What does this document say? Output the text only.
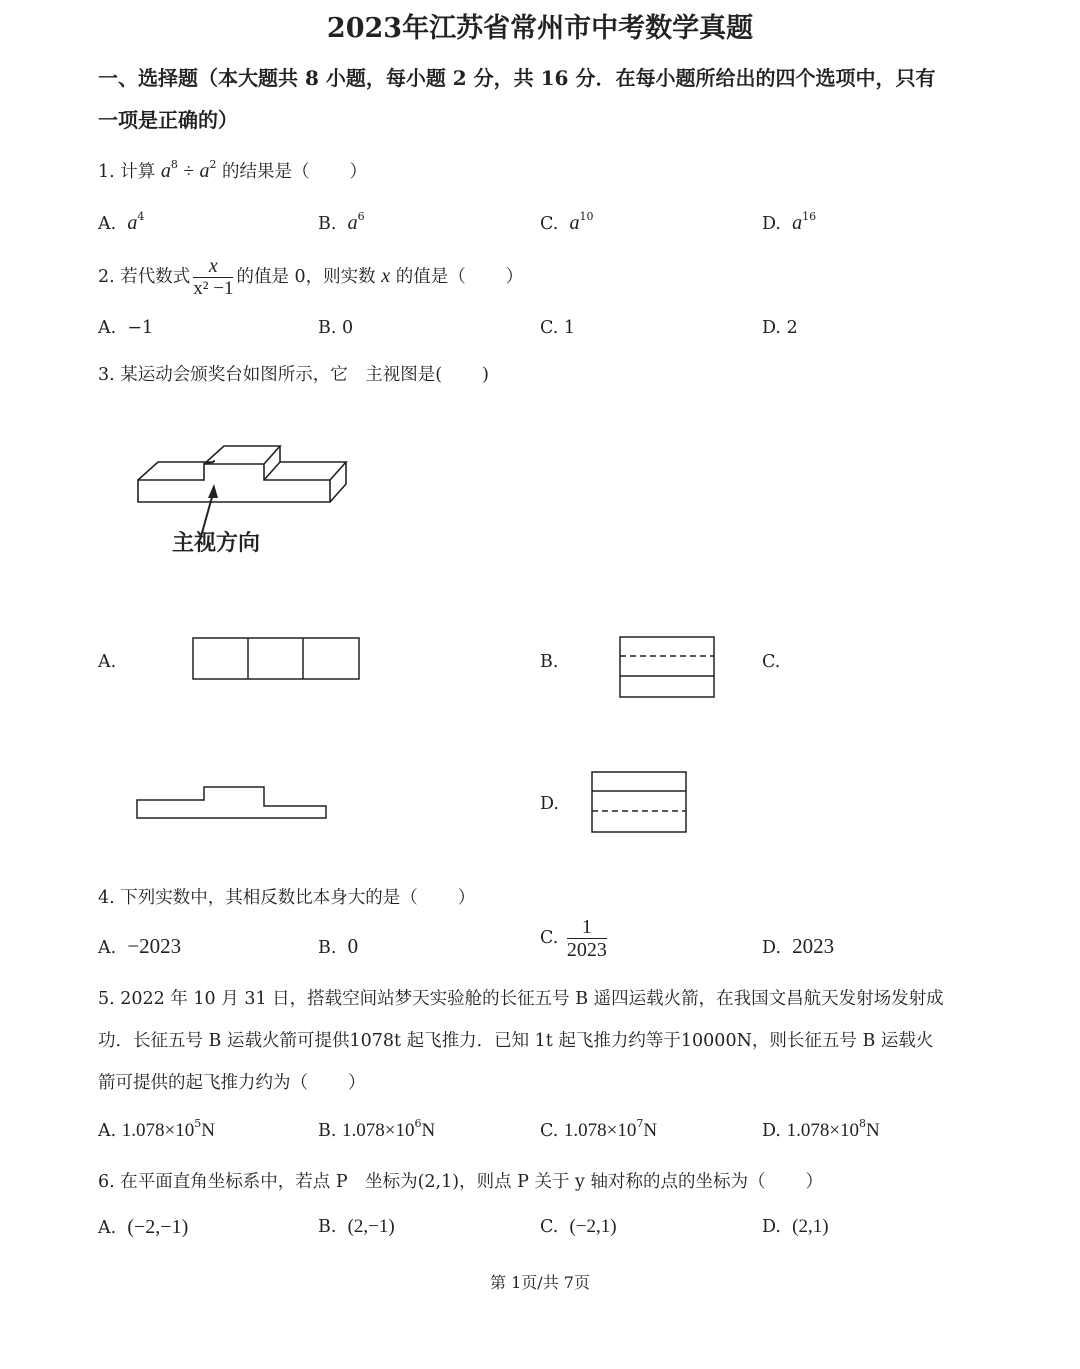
2023年江苏省常州市中考数学真题
一、选择题（本大题共 8 小题，每小题 2 分，共 16 分．在每小题所给出的四个选项中，只有
一项是正确的）
1. 计算 $a^8 \div a^2$ 的结果是（ ）
A. $a^4$	B. $a^6$	C. $a^{10}$	D. $a^{16}$
2. 若代数式 $\frac{x}{\text{x² −1}}$ 的值是 0，则实数 x 的值是（ ）
A. −1	B. 0	C. 1	D. 2
3. 某运动会颁奖台如图所示，它　主视图是( )
主视方向
A.	B.	C.
D.
4. 下列实数中，其相反数比本身大的是（ ）
A. −2023	B. 0	C. $\frac{1}{2023}$	D. 2023
5. 2022 年 10 月 31 日，搭载空间站梦天实验舱的长征五号 B 遥四运载火箭，在我国文昌航天发射场发射成
功．长征五号 B 运载火箭可提供1078t 起飞推力．已知 1t 起飞推力约等于10000N，则长征五号 B 运载火
箭可提供的起飞推力约为（ ）
A. $1.078\times 10^5N$	B. $1.078\times 10^6N$	C. $1.078\times 10^7N$	D. $1.078\times 10^8N$
6. 在平面直角坐标系中，若点 P　坐标为(2,1)，则点 P 关于 y 轴对称的点的坐标为（ ）
A. (−2,−1)	B. (2,−1)	C. (−2,1)	D. (2,1)
第 1页/共 7页
